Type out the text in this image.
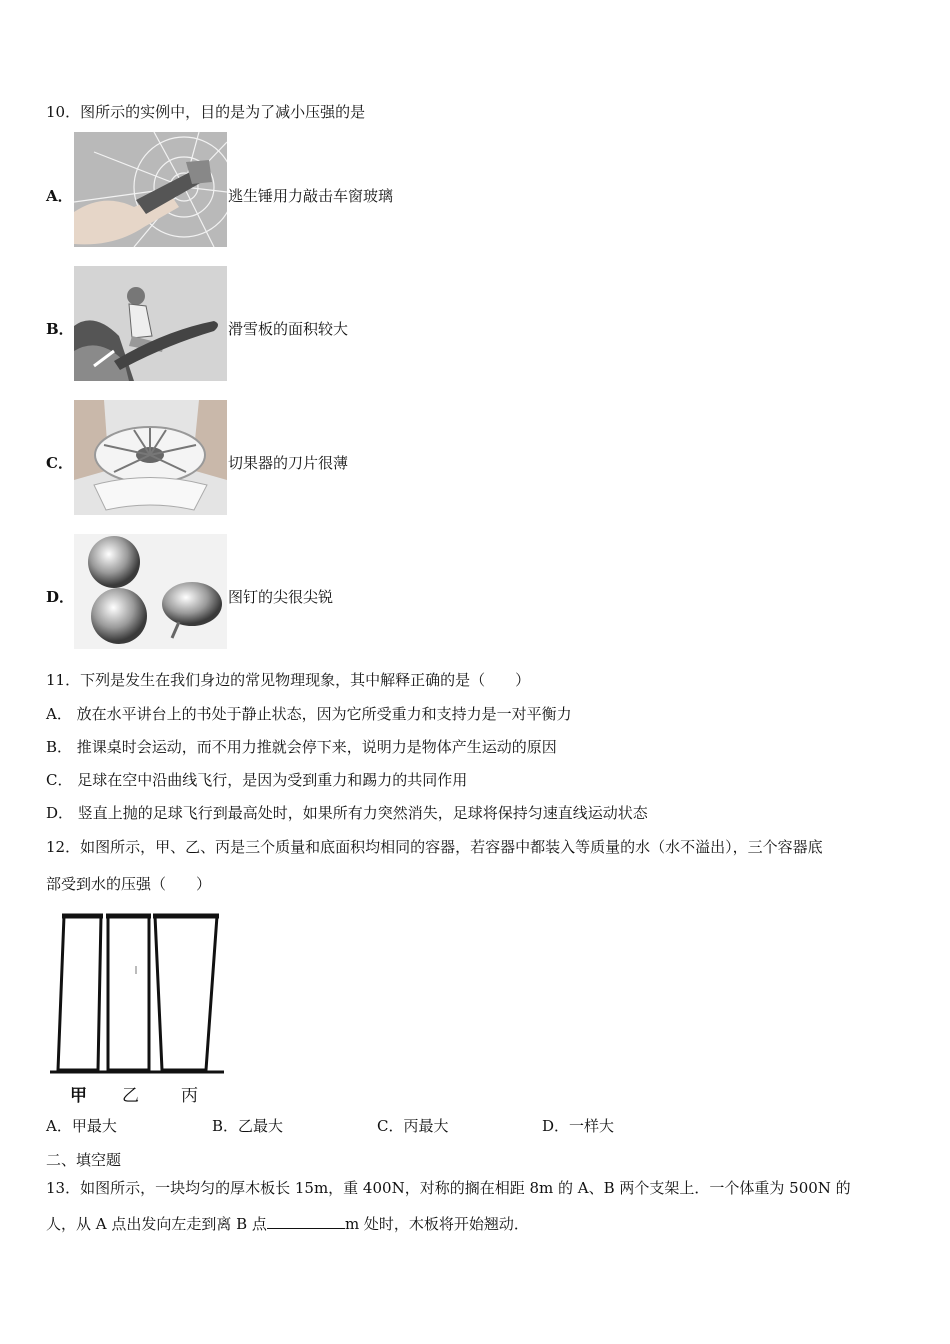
10．图所示的实例中，目的是为了减小压强的是
A．	逃生锤用力敲击车窗玻璃
B．	滑雪板的面积较大
C．	切果器的刀片很薄
D．	图钉的尖很尖锐
11．下列是发生在我们身边的常见物理现象，其中解释正确的是（　　）
A． 放在水平讲台上的书处于静止状态，因为它所受重力和支持力是一对平衡力
B． 推课桌时会运动，而不用力推就会停下来，说明力是物体产生运动的原因
C． 足球在空中沿曲线飞行，是因为受到重力和踢力的共同作用
D． 竖直上抛的足球飞行到最高处时，如果所有力突然消失，足球将保持匀速直线运动状态
12．如图所示，甲、乙、丙是三个质量和底面积均相同的容器，若容器中都装入等质量的水（水不溢出），三个容器底
部受到水的压强（　　）
甲 乙 丙
A．甲最大	B．乙最大	C．丙最大	D．一样大
二、填空题
13．如图所示，一块均匀的厚木板长 15m，重 400N，对称的搁在相距 8m 的 A、B 两个支架上．一个体重为 500N 的
人，从 A 点出发向左走到离 B 点	m 处时，木板将开始翘动．
